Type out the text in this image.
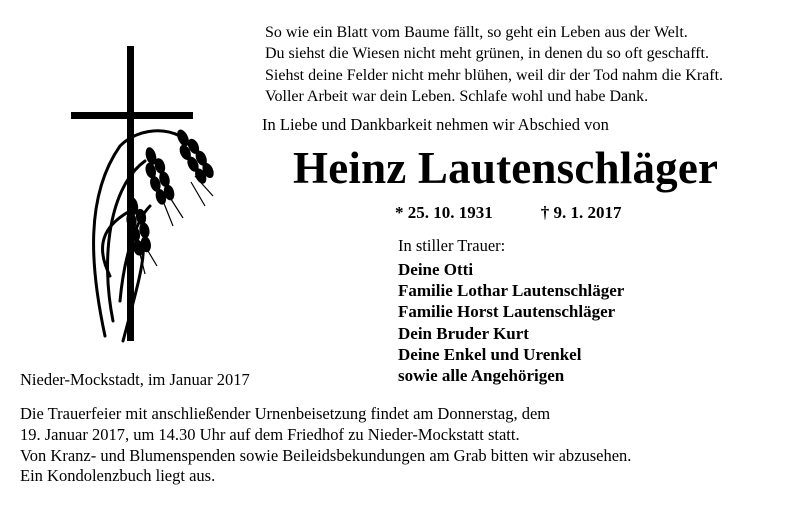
So wie ein Blatt vom Baume fällt, so geht ein Leben aus der Welt.
Du siehst die Wiesen nicht meht grünen, in denen du so oft geschafft.
Siehst deine Felder nicht mehr blühen, weil dir der Tod nahm die Kraft.
Voller Arbeit war dein Leben. Schlafe wohl und habe Dank.
In Liebe und Dankbarkeit nehmen wir Abschied von
Heinz Lautenschläger
* 25. 10. 1931	† 9. 1. 2017
In stiller Trauer:
Deine Otti
Familie Lothar Lautenschläger
Familie Horst Lautenschläger
Dein Bruder Kurt
Deine Enkel und Urenkel
sowie alle Angehörigen
Nieder-Mockstadt, im Januar 2017
Die Trauerfeier mit anschließender Urnenbeisetzung findet am Donnerstag, dem
19. Januar 2017, um 14.30 Uhr auf dem Friedhof zu Nieder-Mockstatt statt.
Von Kranz- und Blumenspenden sowie Beileidsbekundungen am Grab bitten wir abzusehen.
Ein Kondolenzbuch liegt aus.
